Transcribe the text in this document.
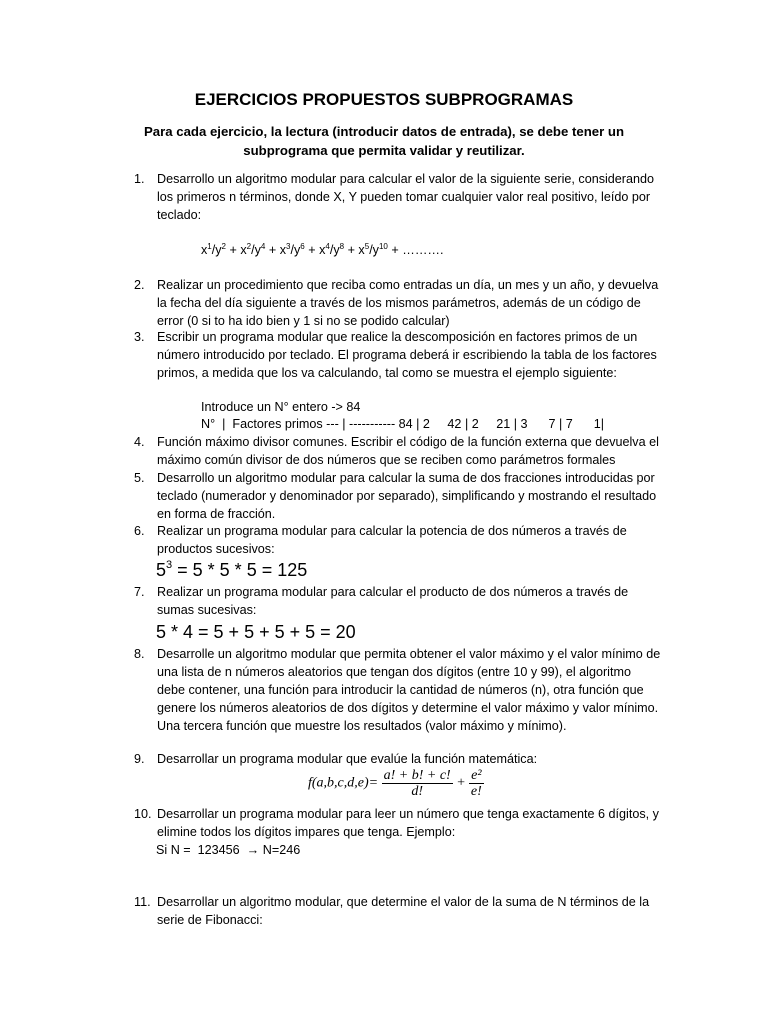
EJERCICIOS PROPUESTOS SUBPROGRAMAS
Para cada ejercicio, la lectura (introducir datos de entrada), se debe tener un subprograma que permita validar y reutilizar.
1. Desarrollo un algoritmo modular para calcular el valor de la siguiente serie, considerando los primeros n términos, donde X, Y pueden tomar cualquier valor real positivo, leído por teclado:
$x^1/y^2 + x^2/y^4 + x^3/y^6 + x^4/y^8 + x^5/y^{10}$ + ……….
2. Realizar un procedimiento que reciba como entradas un día, un mes y un año, y devuelva la fecha del día siguiente a través de los mismos parámetros, además de un código de error (0 si to ha ido bien y 1 si no se podido calcular)
3. Escribir un programa modular que realice la descomposición en factores primos de un número introducido por teclado. El programa deberá ir escribiendo la tabla de los factores primos, a medida que los va calculando, tal como se muestra el ejemplo siguiente:
Introduce un N° entero -> 84
N°  |  Factores primos --- | ----------- 84 | 2     42 | 2     21 | 3      7 | 7      1|
4. Función máximo divisor comunes. Escribir el código de la función externa que devuelva el máximo común divisor de dos números que se reciben como parámetros formales
5. Desarrollo un algoritmo modular para calcular la suma de dos fracciones introducidas por teclado (numerador y denominador por separado), simplificando y mostrando el resultado en forma de fracción.
6. Realizar un programa modular para calcular la potencia de dos números a través de productos sucesivos:
$5^3 = 5 * 5 * 5 = 125$
7. Realizar un programa modular para calcular el producto de dos números a través de sumas sucesivas:
5 * 4 = 5 + 5 + 5 + 5 = 20
8. Desarrolle un algoritmo modular que permita obtener el valor máximo y el valor mínimo de una lista de n números aleatorios que tengan dos dígitos (entre 10 y 99), el algoritmo debe contener, una función para introducir la cantidad de números (n), otra función que genere los números aleatorios de dos dígitos y determine el valor máximo y valor mínimo. Una tercera función que muestre los resultados (valor máximo y mínimo).
9. Desarrollar un programa modular que evalúe la función matemática:
$f(a,b,c,d,e)= \frac{a! + b! + c!}{d!} + \frac{\text{e²}}{e!}$
10. Desarrollar un programa modular para leer un número que tenga exactamente 6 dígitos, y elimine todos los dígitos impares que tenga. Ejemplo:
Si N =  123456  → N=246
11. Desarrollar un algoritmo modular, que determine el valor de la suma de N términos de la serie de Fibonacci:
